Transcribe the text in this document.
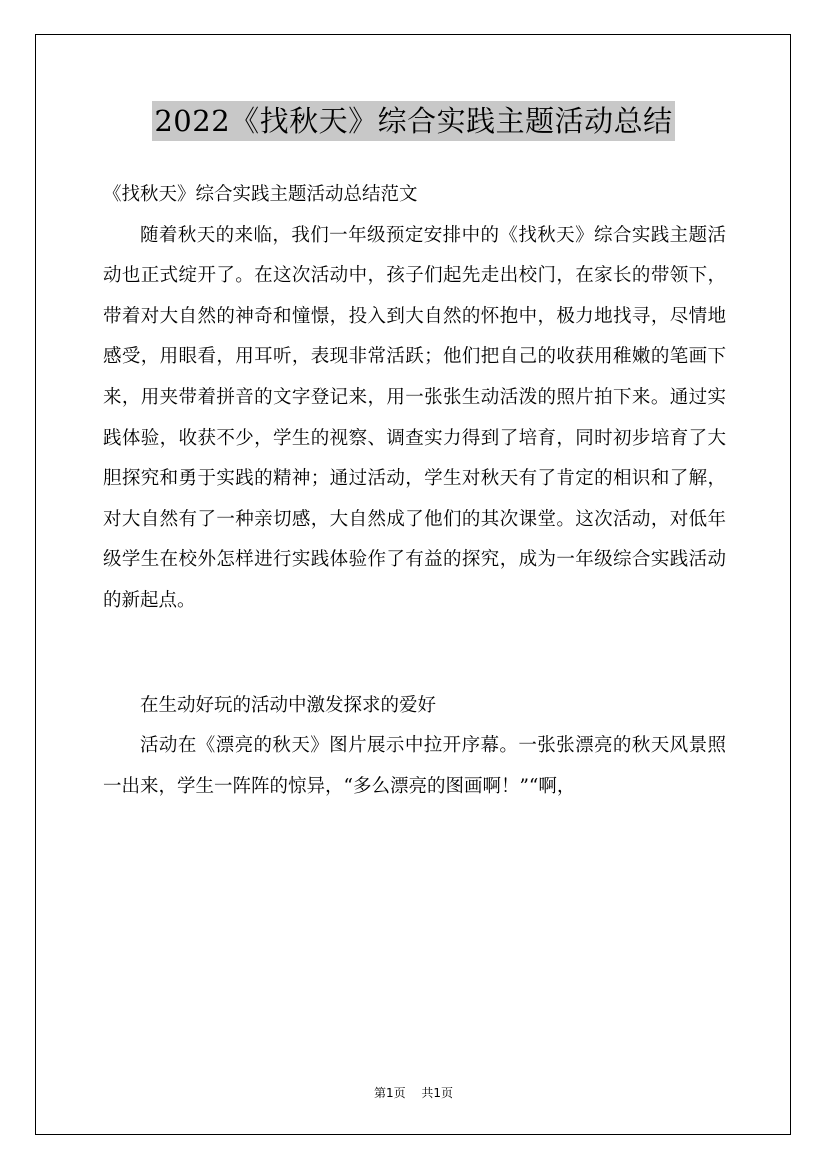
2022《找秋天》综合实践主题活动总结

《找秋天》综合实践主题活动总结范文

随着秋天的来临，我们一年级预定安排中的《找秋天》综合实践主题活动也正式绽开了。在这次活动中，孩子们起先走出校门，在家长的带领下，带着对大自然的神奇和憧憬，投入到大自然的怀抱中，极力地找寻，尽情地感受，用眼看，用耳听，表现非常活跃；他们把自己的收获用稚嫩的笔画下来，用夹带着拼音的文字登记来，用一张张生动活泼的照片拍下来。通过实践体验，收获不少，学生的视察、调查实力得到了培育，同时初步培育了大胆探究和勇于实践的精神；通过活动，学生对秋天有了肯定的相识和了解，对大自然有了一种亲切感，大自然成了他们的其次课堂。这次活动，对低年级学生在校外怎样进行实践体验作了有益的探究，成为一年级综合实践活动的新起点。

在生动好玩的活动中激发探求的爱好

活动在《漂亮的秋天》图片展示中拉开序幕。一张张漂亮的秋天风景照一出来，学生一阵阵的惊异，“多么漂亮的图画啊！”“啊，

第1页 共1页
